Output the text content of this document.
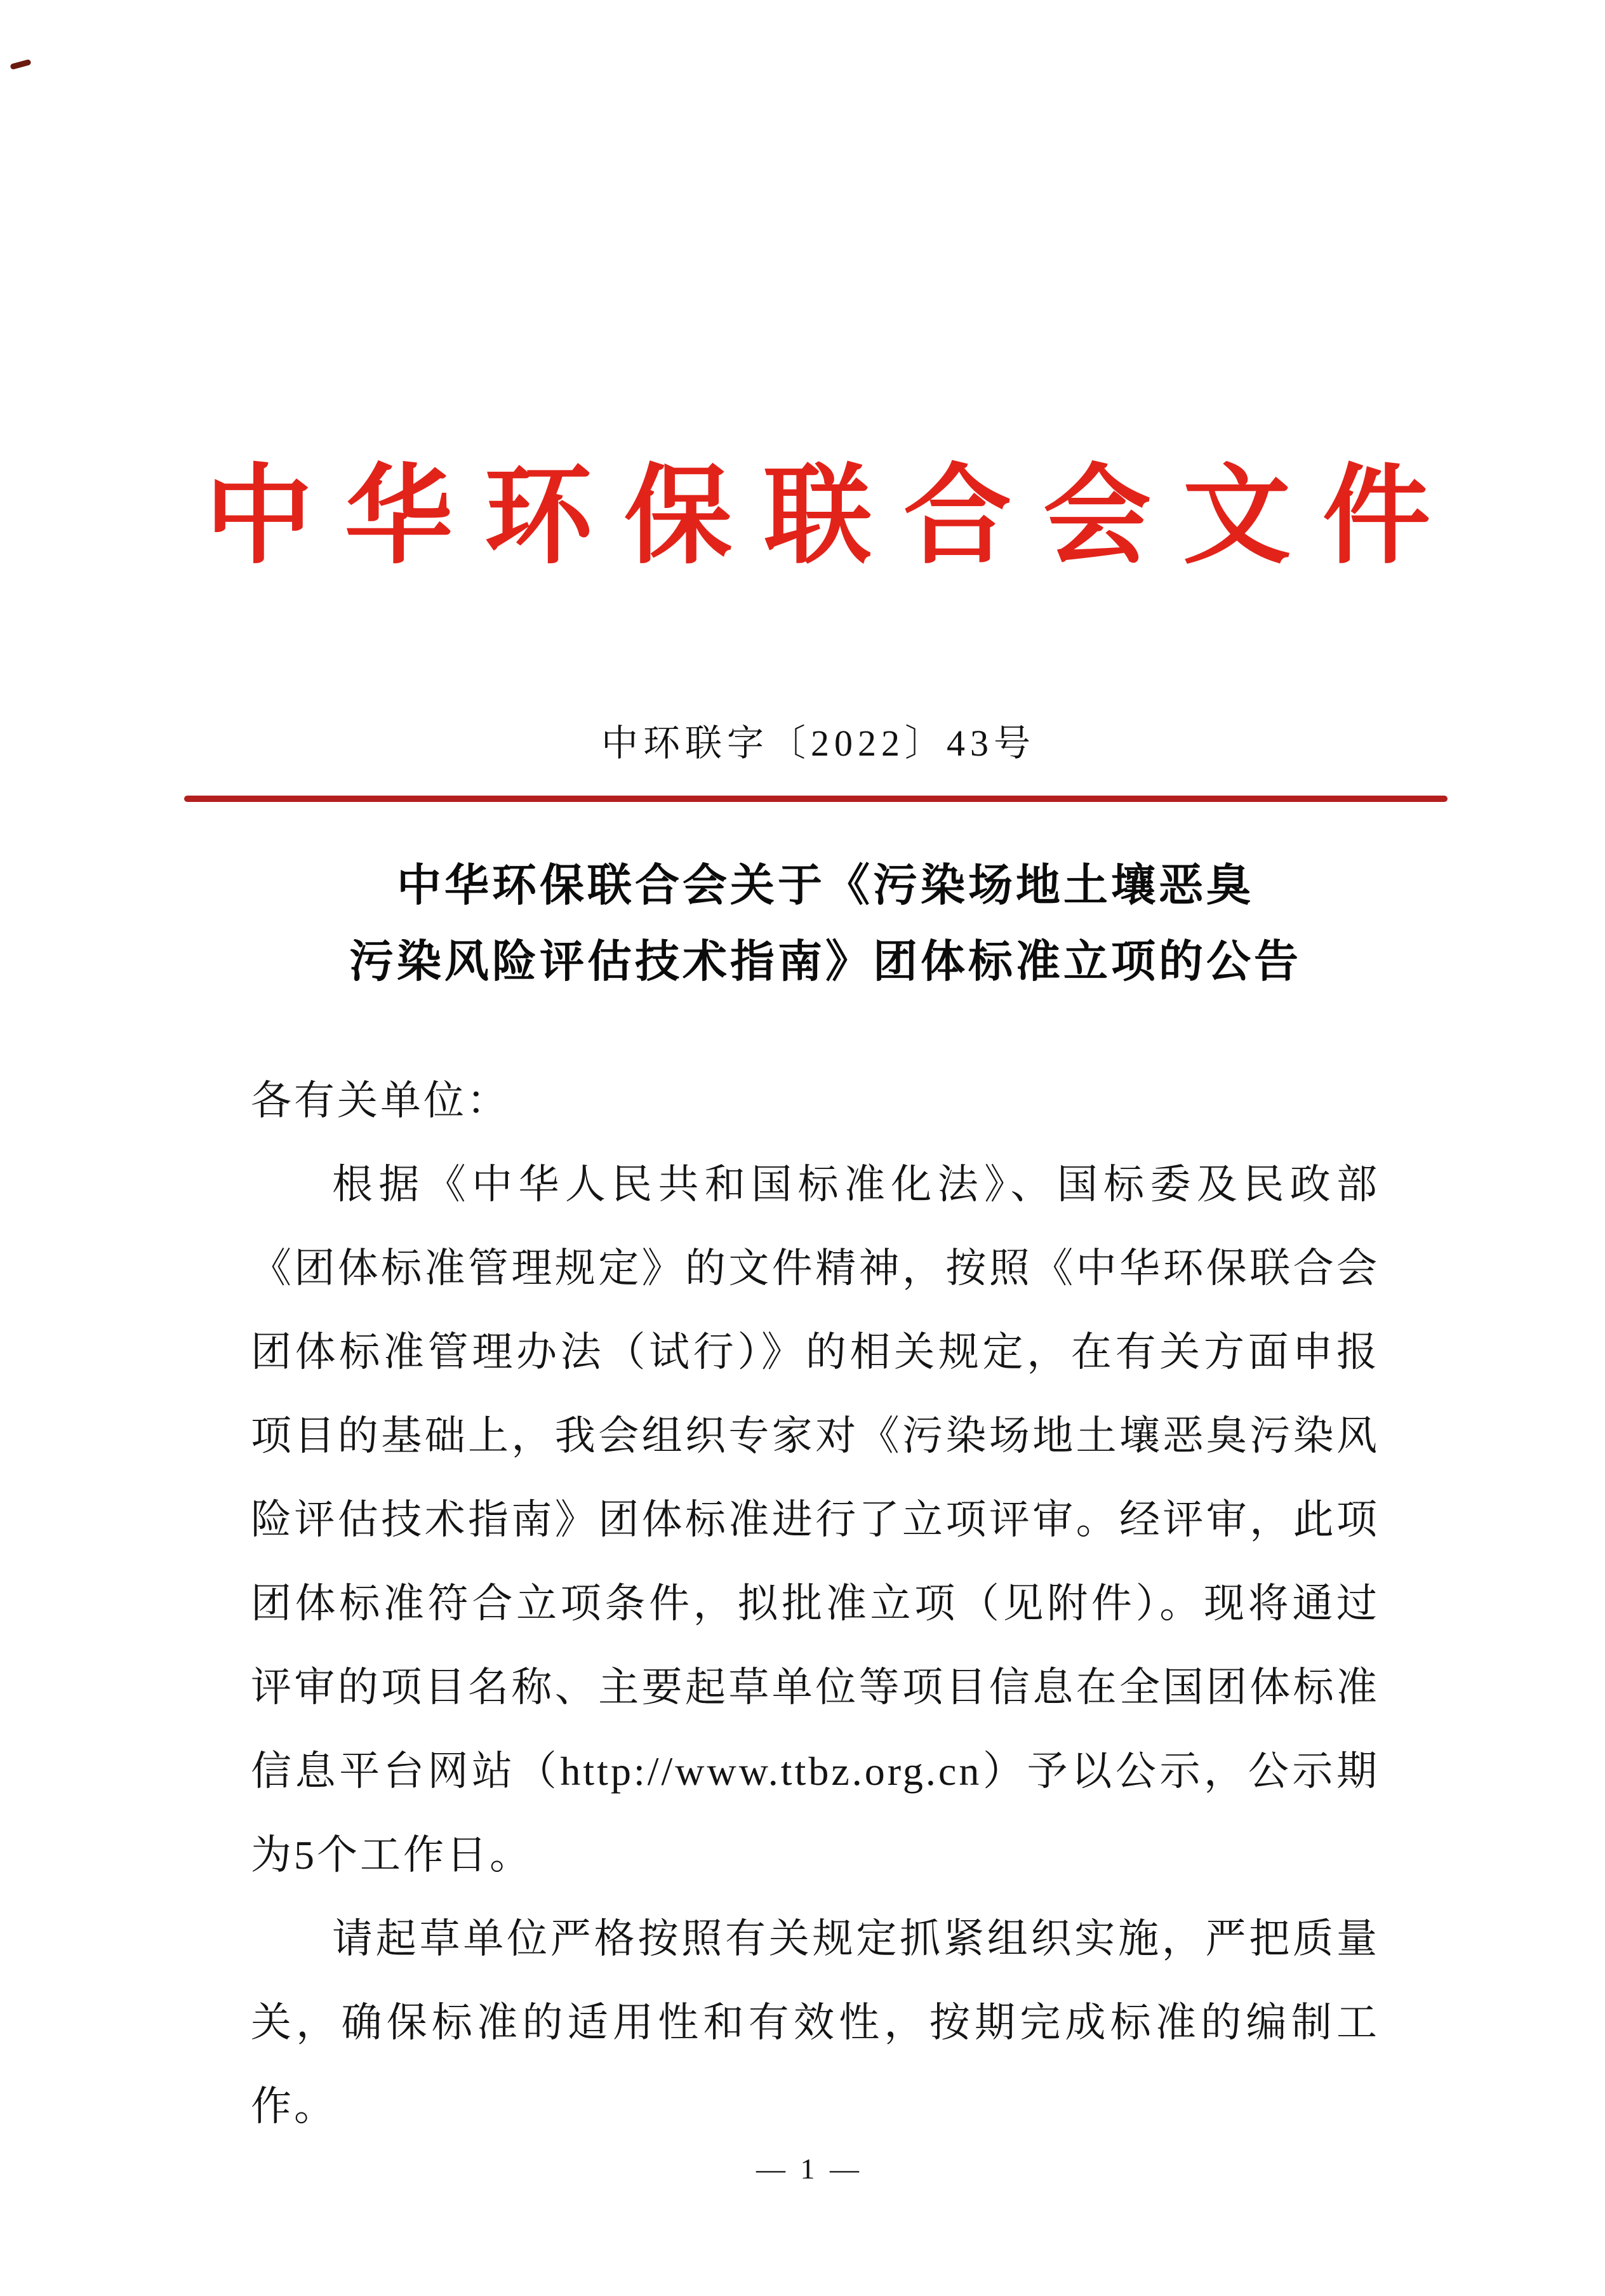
中华环保联合会文件
中环联字〔2022〕43号
中华环保联合会关于《污染场地土壤恶臭
污染风险评估技术指南》团体标准立项的公告

各有关单位：

根据《中华人民共和国标准化法》、国标委及民政部《团体标准管理规定》的文件精神，按照《中华环保联合会团体标准管理办法（试行）》的相关规定，在有关方面申报项目的基础上，我会组织专家对《污染场地土壤恶臭污染风险评估技术指南》团体标准进行了立项评审。经评审，此项团体标准符合立项条件，拟批准立项（见附件）。现将通过评审的项目名称、主要起草单位等项目信息在全国团体标准信息平台网站（http://www.ttbz.org.cn）予以公示，公示期为5个工作日。

请起草单位严格按照有关规定抓紧组织实施，严把质量关，确保标准的适用性和有效性，按期完成标准的编制工作。

— 1 —
